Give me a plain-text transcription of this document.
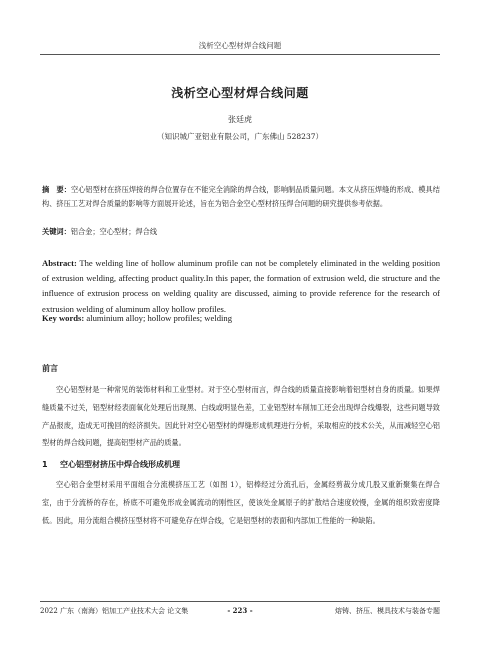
浅析空心型材焊合线问题
浅析空心型材焊合线问题
张廷虎
（知识城广亚铝业有限公司，广东佛山 528237）
摘　要：空心铝型材在挤压焊接的焊合位置存在不能完全消除的焊合线，影响制品质量问题。本文从挤压焊缝的形成、模具结构、挤压工艺对焊合质量的影响等方面展开论述，旨在为铝合金空心型材挤压焊合问题的研究提供参考依据。
关键词：铝合金；空心型材；焊合线
Abstract: The welding line of hollow aluminum profile can not be completely eliminated in the welding position of extrusion welding, affecting product quality.In this paper, the formation of extrusion weld, die structure and the influence of extrusion process on welding quality are discussed, aiming to provide reference for the research of extrusion welding of aluminum alloy hollow profiles.
Key words: aluminium alloy; hollow profiles; welding
前言
空心铝型材是一种常见的装饰材料和工业型材。对于空心型材而言，焊合线的质量直接影响着铝型材自身的质量。如果焊缝质量不过关，铝型材经表面氧化处理后出现黑、白线或明显色差，工业铝型材车削加工还会出现焊合线爆裂，这些问题导致产品报废，造成无可挽回的经济损失。因此针对空心铝型材的焊缝形成机理进行分析，采取相应的技术公关，从而减轻空心铝型材的焊合线问题，提高铝型材产品的质量。
1 空心铝型材挤压中焊合线形成机理
空心铝合金型材采用平面组合分流模挤压工艺（如图 1），铝棒经过分流孔后，金属经剪裁分成几股又重新聚集在焊合室，由于分流桥的存在，桥底不可避免形成金属流动的刚性区，使该处金属原子的扩散结合速度较慢，金属的组织致密度降低。因此，用分流组合模挤压型材将不可避免存在焊合线，它是铝型材的表面和内部加工性能的一种缺陷。
2022 广东（南海）铝加工产业技术大会 论文集	- 223 -	熔铸、挤压、模具技术与装备专题
